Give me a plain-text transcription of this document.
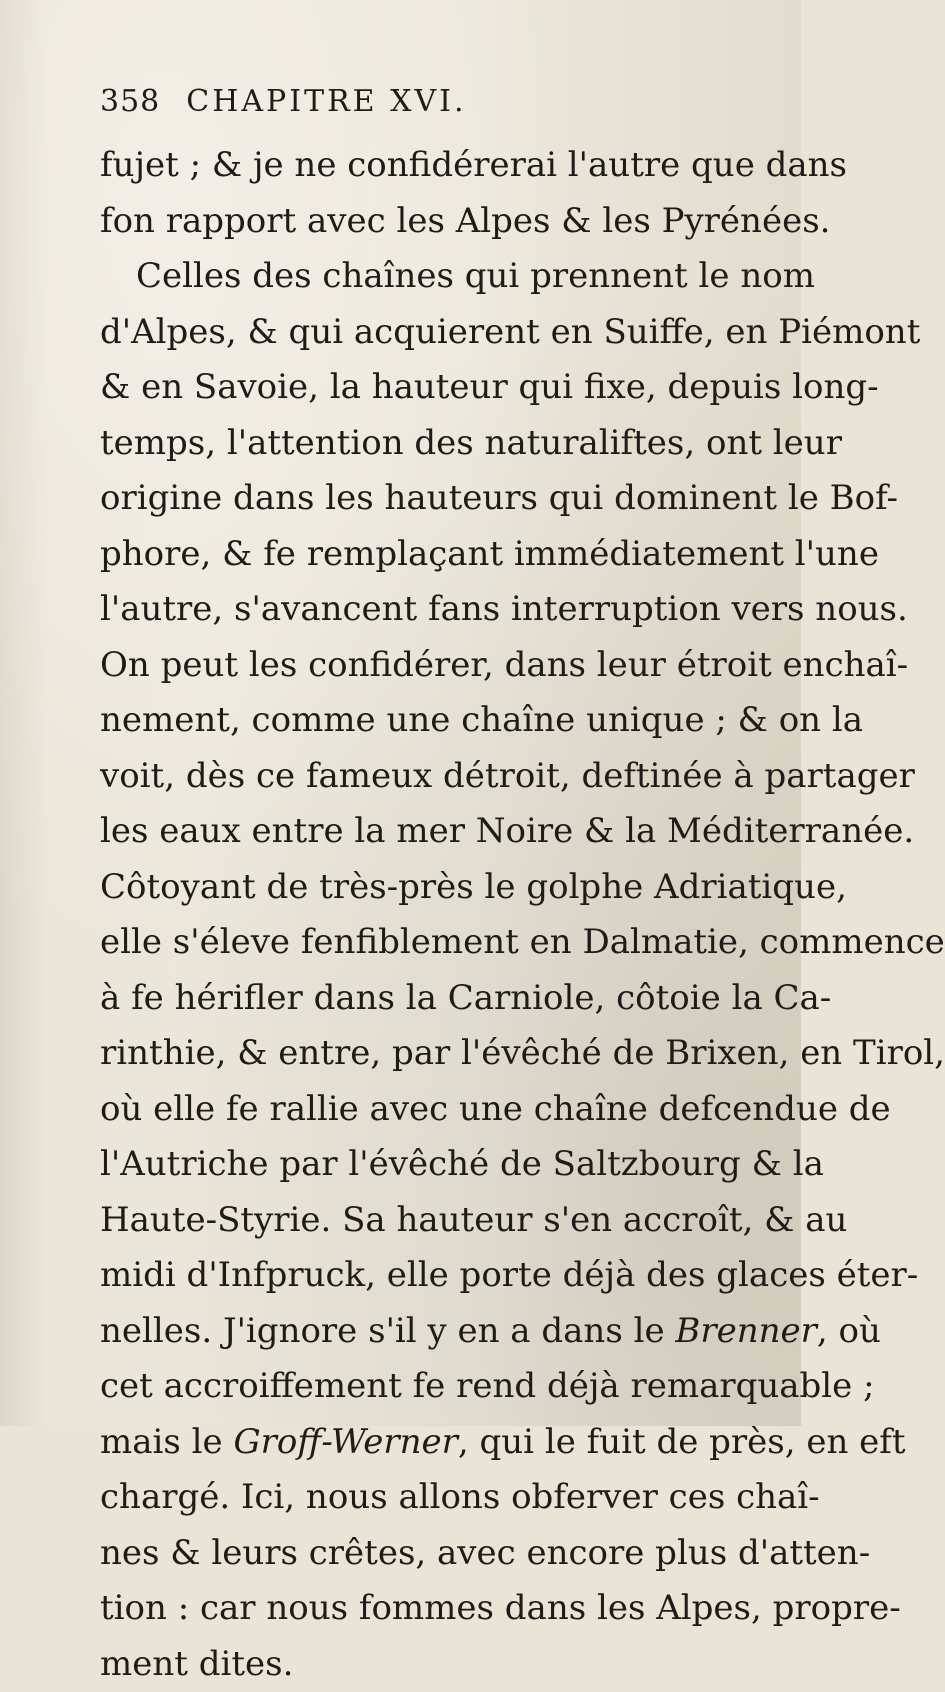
358 CHAPITRE XVI.
fujet ; & je ne confidérerai l'autre que dans
fon rapport avec les Alpes & les Pyrénées.
Celles des chaînes qui prennent le nom
d'Alpes, & qui acquierent en Suiffe, en Piémont
& en Savoie, la hauteur qui fixe, depuis long-
temps, l'attention des naturaliftes, ont leur
origine dans les hauteurs qui dominent le Bof-
phore, & fe remplaçant immédiatement l'une
l'autre, s'avancent fans interruption vers nous.
On peut les confidérer, dans leur étroit enchaî-
nement, comme une chaîne unique ; & on la
voit, dès ce fameux détroit, deftinée à partager
les eaux entre la mer Noire & la Méditerranée.
Côtoyant de très-près le golphe Adriatique,
elle s'éleve fenfiblement en Dalmatie, commence
à fe hérifler dans la Carniole, côtoie la Ca-
rinthie, & entre, par l'évêché de Brixen, en Tirol,
où elle fe rallie avec une chaîne defcendue de
l'Autriche par l'évêché de Saltzbourg & la
Haute-Styrie. Sa hauteur s'en accroît, & au
midi d'Infpruck, elle porte déjà des glaces éter-
nelles. J'ignore s'il y en a dans le Brenner, où
cet accroiffement fe rend déjà remarquable ;
mais le Groff-Werner, qui le fuit de près, en eft
chargé. Ici, nous allons obferver ces chaî-
nes & leurs crêtes, avec encore plus d'atten-
tion : car nous fommes dans les Alpes, propre-
ment dites.
